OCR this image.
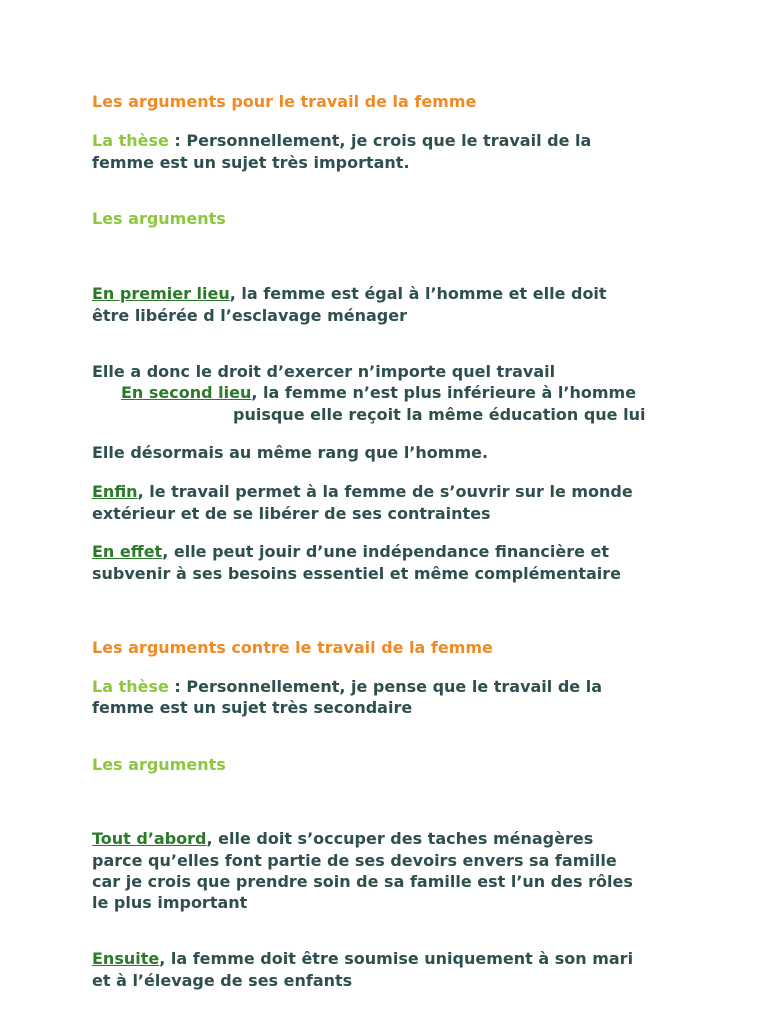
Les arguments pour le travail de la femme
La thèse : Personnellement, je crois que le travail de la
femme est un sujet très important.
Les arguments
En premier lieu, la femme est égal à l’homme et elle doit
être libérée d l’esclavage ménager
Elle a donc le droit d’exercer n’importe quel travail
En second lieu, la femme n’est plus inférieure à l’homme
puisque elle reçoit la même éducation que lui
Elle désormais au même rang que l’homme.
Enfin, le travail permet à la femme de s’ouvrir sur le monde
extérieur et de se libérer de ses contraintes
En effet, elle peut jouir d’une indépendance financière et
subvenir à ses besoins essentiel et même complémentaire
Les arguments contre le travail de la femme
La thèse : Personnellement, je pense que le travail de la
femme est un sujet très secondaire
Les arguments
Tout d’abord, elle doit s’occuper des taches ménagères
parce qu’elles font partie de ses devoirs envers sa famille
car je crois que prendre soin de sa famille est l’un des rôles
le plus important
Ensuite, la femme doit être soumise uniquement à son mari
et à l’élevage de ses enfants
